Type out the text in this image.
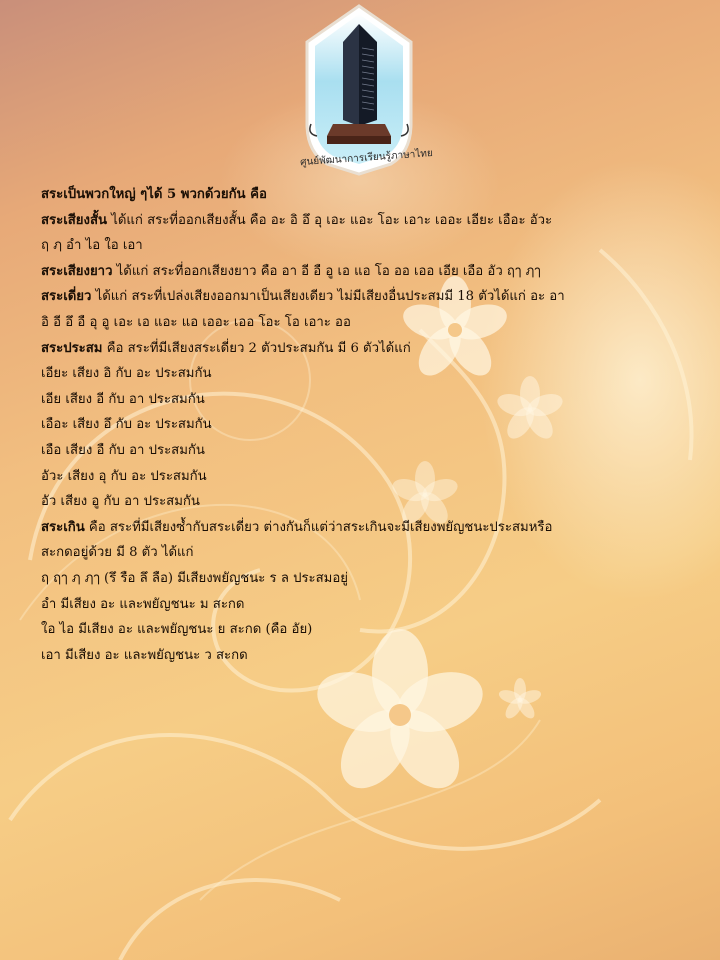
ศูนย์พัฒนาการเรียนรู้ภาษาไทย

สระเป็นพวกใหญ่ ๆได้ 5 พวกด้วยกัน คือ

สระเสียงสั้น ได้แก่ สระที่ออกเสียงสั้น คือ อะ อิ อึ อุ เอะ แอะ โอะ เอาะ เออะ เอียะ เอือะ อัวะ

ฤ ฦ อำ ไอ ใอ เอา

สระเสียงยาว ได้แก่ สระที่ออกเสียงยาว คือ อา อี อื อู เอ แอ โอ ออ เออ เอีย เอือ อัว ฤๅ ฦๅ

สระเดี่ยว ได้แก่ สระที่เปล่งเสียงออกมาเป็นเสียงเดียว ไม่มีเสียงอื่นประสมมี 18 ตัวได้แก่ อะ อา

อิ อี อึ อื อุ อู เอะ เอ แอะ แอ เออะ เออ โอะ โอ เอาะ ออ

สระประสม คือ สระที่มีเสียงสระเดี่ยว 2 ตัวประสมกัน มี 6 ตัวได้แก่

เอียะ เสียง อิ กับ อะ ประสมกัน

เอีย เสียง อี กับ อา ประสมกัน

เอือะ เสียง อึ กับ อะ ประสมกัน

เอือ เสียง อื กับ อา ประสมกัน

อัวะ เสียง อุ กับ อะ ประสมกัน

อัว เสียง อู กับ อา ประสมกัน

สระเกิน คือ สระที่มีเสียงซ้ำกับสระเดี่ยว ต่างกันก็แต่ว่าสระเกินจะมีเสียงพยัญชนะประสมหรือ

สะกดอยู่ด้วย มี 8 ตัว ได้แก่

ฤ ฤๅ ฦ ฦๅ (รึ รือ ลึ ลือ) มีเสียงพยัญชนะ ร ล ประสมอยู่

อำ มีเสียง อะ และพยัญชนะ ม สะกด

ใอ ไอ มีเสียง อะ และพยัญชนะ ย สะกด (คือ อัย)

เอา มีเสียง อะ และพยัญชนะ ว สะกด
